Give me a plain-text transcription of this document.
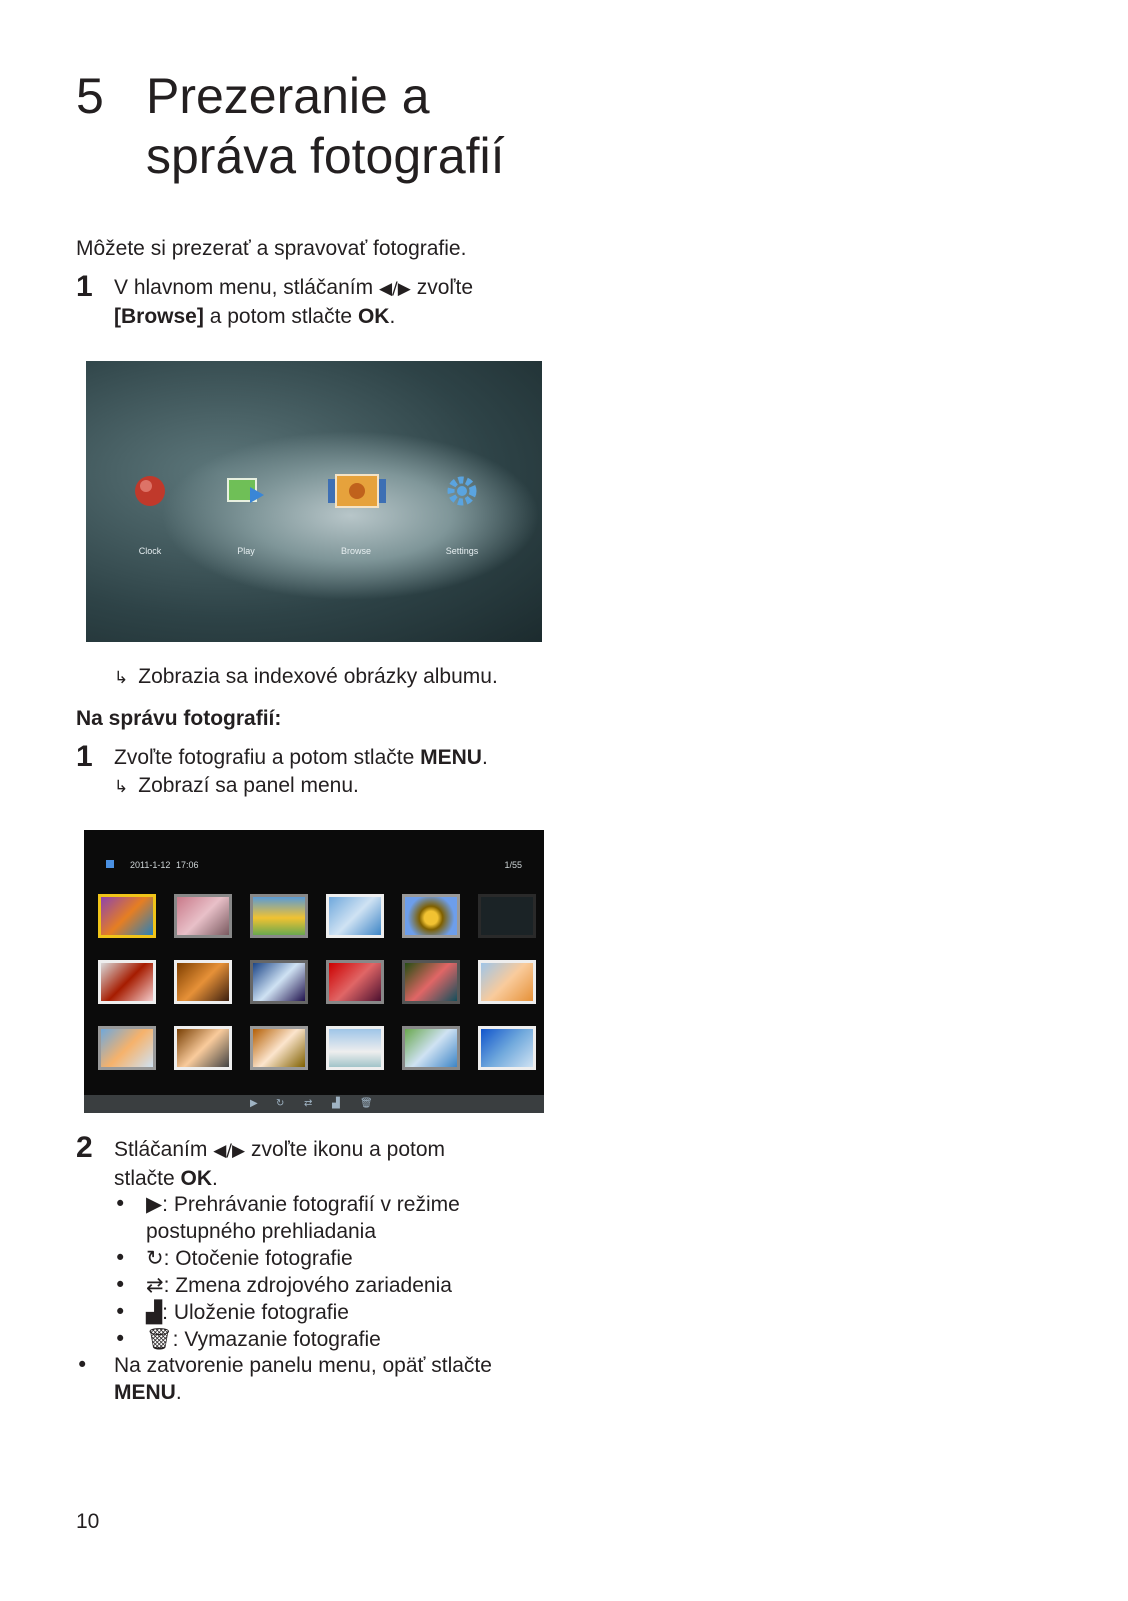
5 Prezeranie a
správa fotografií
Môžete si prezerať a spravovať fotografie.
1 V hlavnom menu, stláčaním ◀/▶ zvoľte
[Browse] a potom stlačte OK.
Clock	Play	Browse	Settings
↳ Zobrazia sa indexové obrázky albumu.
Na správu fotografií:
1 Zvoľte fotografiu a potom stlačte MENU.
↳ Zobrazí sa panel menu.
2011-1-12 17:06	1/55
▶ ↻ ⇄ ▟ 🗑
2 Stláčaním ◀/▶ zvoľte ikonu a potom
stlačte OK.
• ▶: Prehrávanie fotografií v režime postupného prehliadania
• ↻: Otočenie fotografie
• ⇄: Zmena zdrojového zariadenia
• ▟: Uloženie fotografie
• 🗑: Vymazanie fotografie
• Na zatvorenie panelu menu, opäť stlačte MENU.
10
